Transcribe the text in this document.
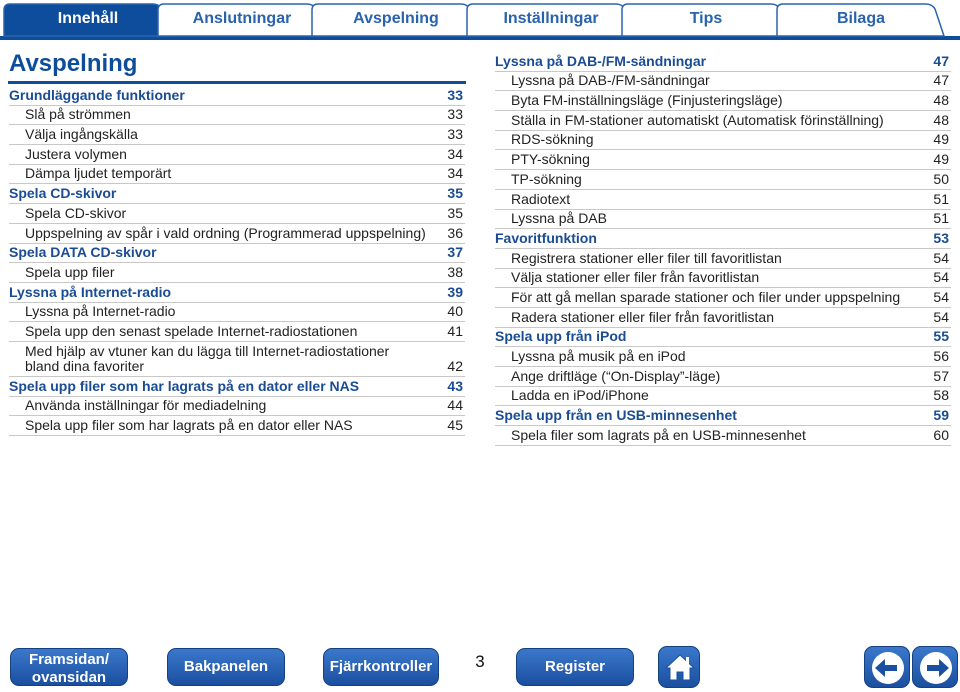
Innehåll	Anslutningar	Avspelning	Inställningar	Tips	Bilaga
Avspelning
Grundläggande funktioner	33
Slå på strömmen	33
Välja ingångskälla	33
Justera volymen	34
Dämpa ljudet temporärt	34
Spela CD-skivor	35
Spela CD-skivor	35
Uppspelning av spår i vald ordning (Programmerad uppspelning) 36
Spela DATA CD-skivor	37
Spela upp filer	38
Lyssna på Internet-radio	39
Lyssna på Internet-radio	40
Spela upp den senast spelade Internet-radiostationen	41
Med hjälp av vtuner kan du lägga till Internet-radiostationer bland dina favoriter	42
Spela upp filer som har lagrats på en dator eller NAS	43
Använda inställningar för mediadelning	44
Spela upp filer som har lagrats på en dator eller NAS	45
Lyssna på DAB-/FM-sändningar	47
Lyssna på DAB-/FM-sändningar	47
Byta FM-inställningsläge (Finjusteringsläge)	48
Ställa in FM-stationer automatiskt (Automatisk förinställning)	48
RDS-sökning	49
PTY-sökning	49
TP-sökning	50
Radiotext	51
Lyssna på DAB	51
Favoritfunktion	53
Registrera stationer eller filer till favoritlistan	54
Välja stationer eller filer från favoritlistan	54
För att gå mellan sparade stationer och filer under uppspelning 54
Radera stationer eller filer från favoritlistan	54
Spela upp från iPod	55
Lyssna på musik på en iPod	56
Ange driftläge (“On-Display”-läge)	57
Ladda en iPod/iPhone	58
Spela upp från en USB-minnesenhet	59
Spela filer som lagrats på en USB-minnesenhet	60
Framsidan/
ovansidan
Bakpanelen	Fjärrkontroller	3	Register
